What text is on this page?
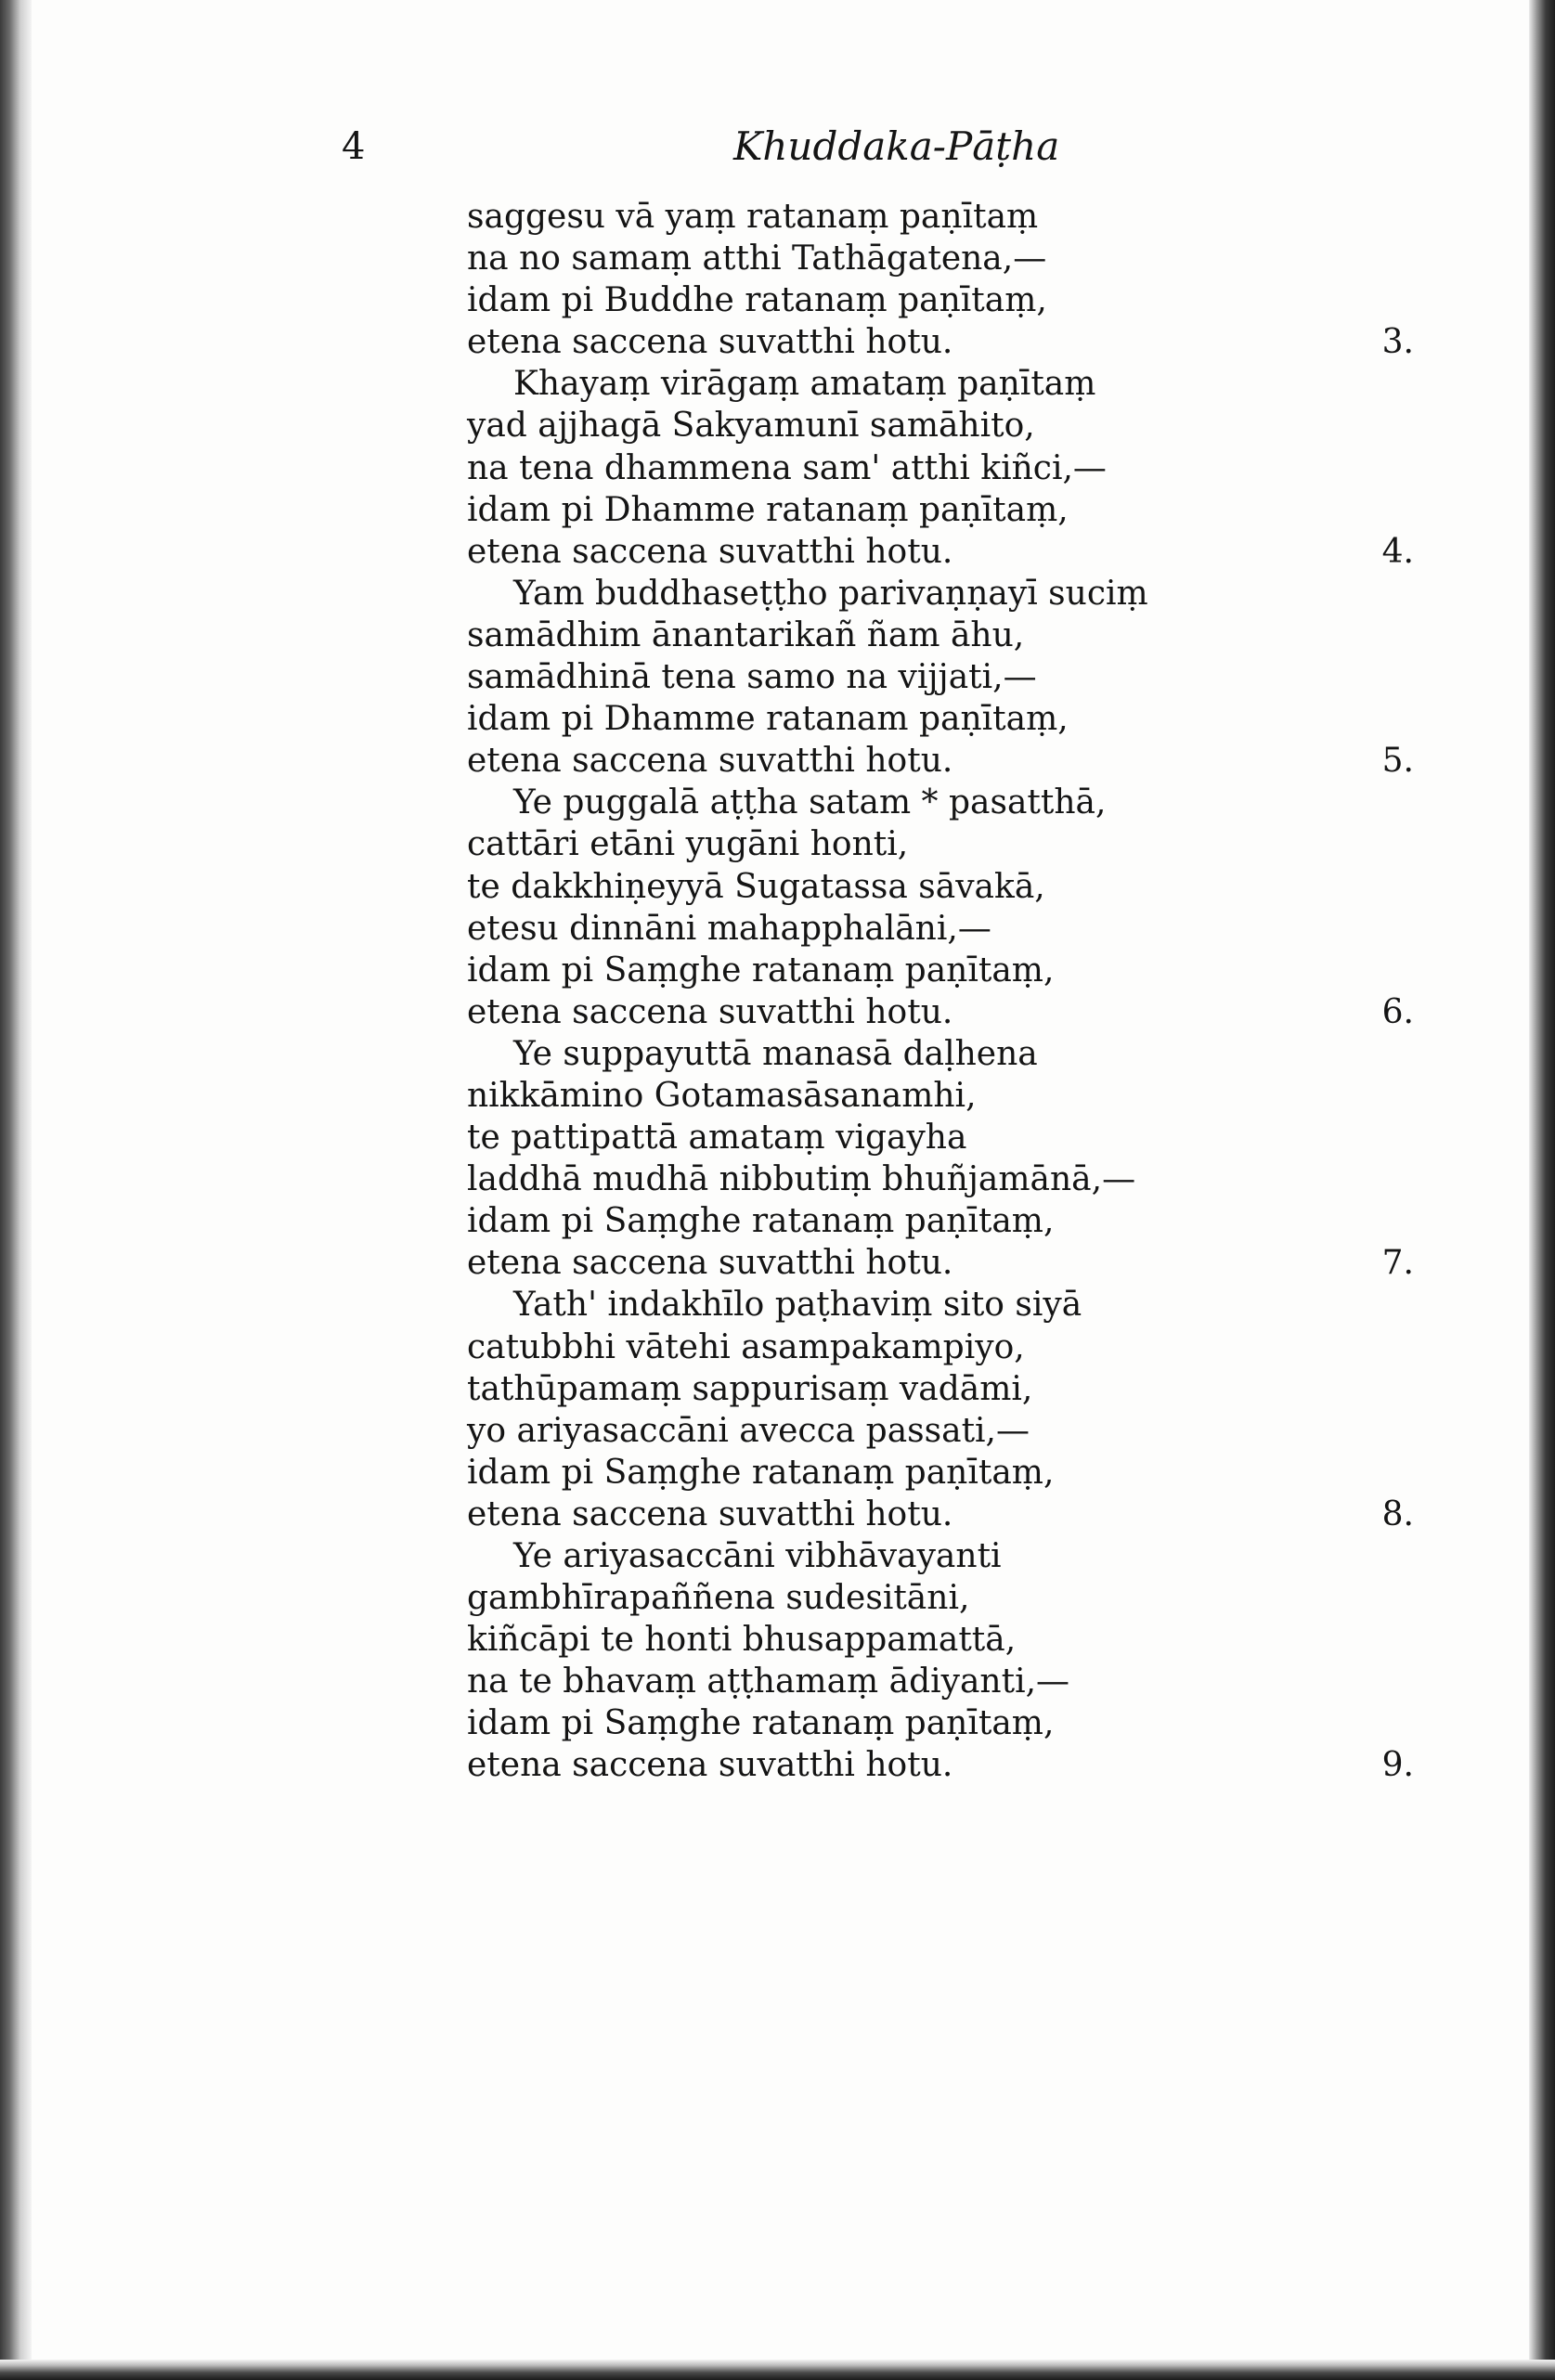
4	Khuddaka-Pāṭha
saggesu vā yaṃ ratanaṃ paṇītaṃ
na no samaṃ atthi Tathāgatena,—
idam pi Buddhe ratanaṃ paṇītaṃ,
etena saccena suvatthi hotu.	3.
Khayaṃ virāgaṃ amataṃ paṇītaṃ
yad ajjhagā Sakyamunī samāhito,
na tena dhammena sam' atthi kiñci,—
idam pi Dhamme ratanaṃ paṇītaṃ,
etena saccena suvatthi hotu.	4.
Yam buddhaseṭṭho parivaṇṇayī suciṃ
samādhim ānantarikañ ñam āhu,
samādhinā tena samo na vijjati,—
idam pi Dhamme ratanam paṇītaṃ,
etena saccena suvatthi hotu.	5.
Ye puggalā aṭṭha satam * pasatthā,
cattāri etāni yugāni honti,
te dakkhiṇeyyā Sugatassa sāvakā,
etesu dinnāni mahapphalāni,—
idam pi Saṃghe ratanaṃ paṇītaṃ,
etena saccena suvatthi hotu.	6.
Ye suppayuttā manasā daḷhena
nikkāmino Gotamasāsanamhi,
te pattipattā amataṃ vigayha
laddhā mudhā nibbutiṃ bhuñjamānā,—
idam pi Saṃghe ratanaṃ paṇītaṃ,
etena saccena suvatthi hotu.	7.
Yath' indakhīlo paṭhaviṃ sito siyā
catubbhi vātehi asampakampiyo,
tathūpamaṃ sappurisaṃ vadāmi,
yo ariyasaccāni avecca passati,—
idam pi Saṃghe ratanaṃ paṇītaṃ,
etena saccena suvatthi hotu.	8.
Ye ariyasaccāni vibhāvayanti
gambhīrapaññena sudesitāni,
kiñcāpi te honti bhusappamattā,
na te bhavaṃ aṭṭhamaṃ ādiyanti,—
idam pi Saṃghe ratanaṃ paṇītaṃ,
etena saccena suvatthi hotu.	9.
